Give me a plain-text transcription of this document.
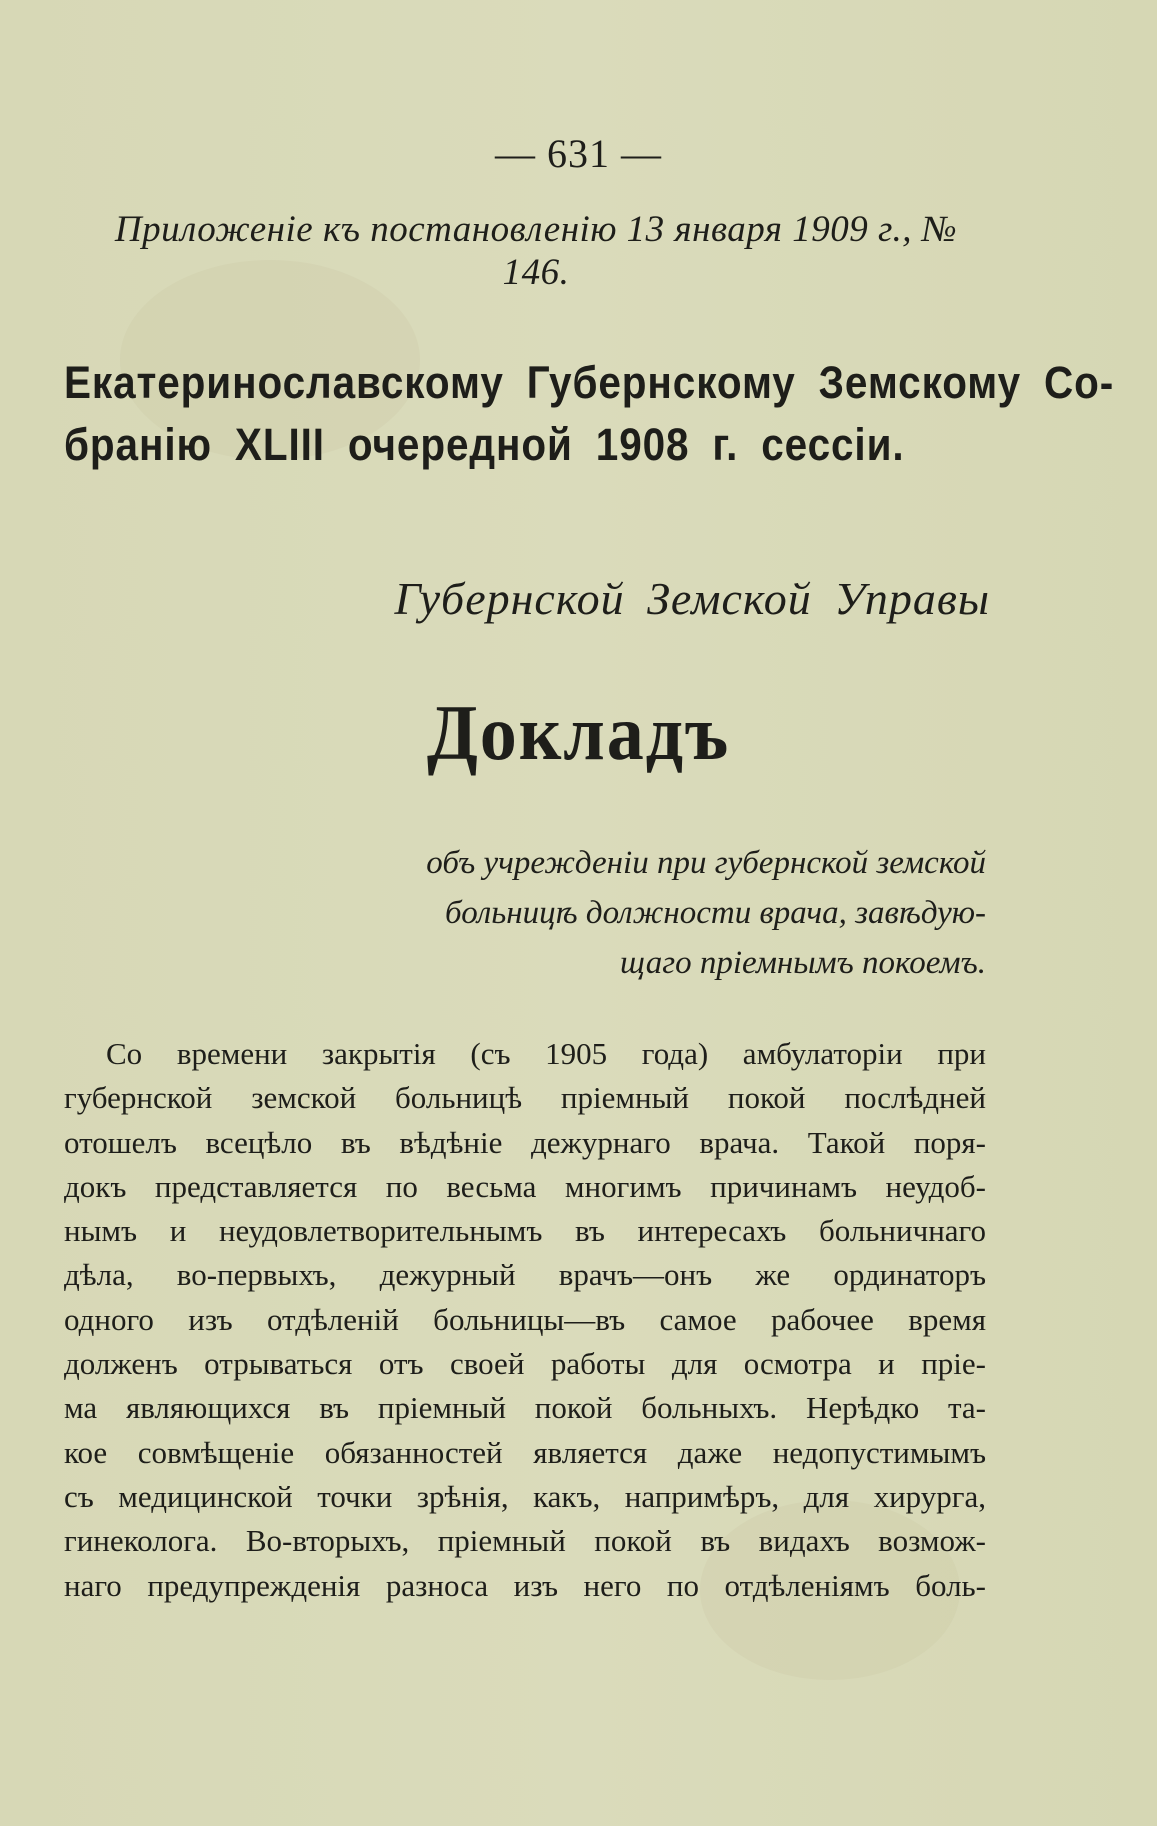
— 631 —
Приложеніе къ постановленію 13 января 1909 г., № 146.
Екатеринославскому Губернскому Земскому Со-
бранію XLIII очередной 1908 г. сессіи.
Губернской Земской Управы
Докладъ
объ учрежденіи при губернской земской
больницѣ должности врача, завѣдую-
щаго пріемнымъ покоемъ.
Со времени закрытія (съ 1905 года) амбулаторіи при
губернской земской больницѣ пріемный покой послѣдней
отошелъ всецѣло въ вѣдѣніе дежурнаго врача. Такой поря-
докъ представляется по весьма многимъ причинамъ неудоб-
нымъ и неудовлетворительнымъ въ интересахъ больничнаго
дѣла, во-первыхъ, дежурный врачъ—онъ же ординаторъ
одного изъ отдѣленій больницы—въ самое рабочее время
долженъ отрываться отъ своей работы для осмотра и пріе-
ма являющихся въ пріемный покой больныхъ. Нерѣдко та-
кое совмѣщеніе обязанностей является даже недопустимымъ
съ медицинской точки зрѣнія, какъ, напримѣръ, для хирурга,
гинеколога. Во-вторыхъ, пріемный покой въ видахъ возмож-
наго предупрежденія разноса изъ него по отдѣленіямъ боль-
